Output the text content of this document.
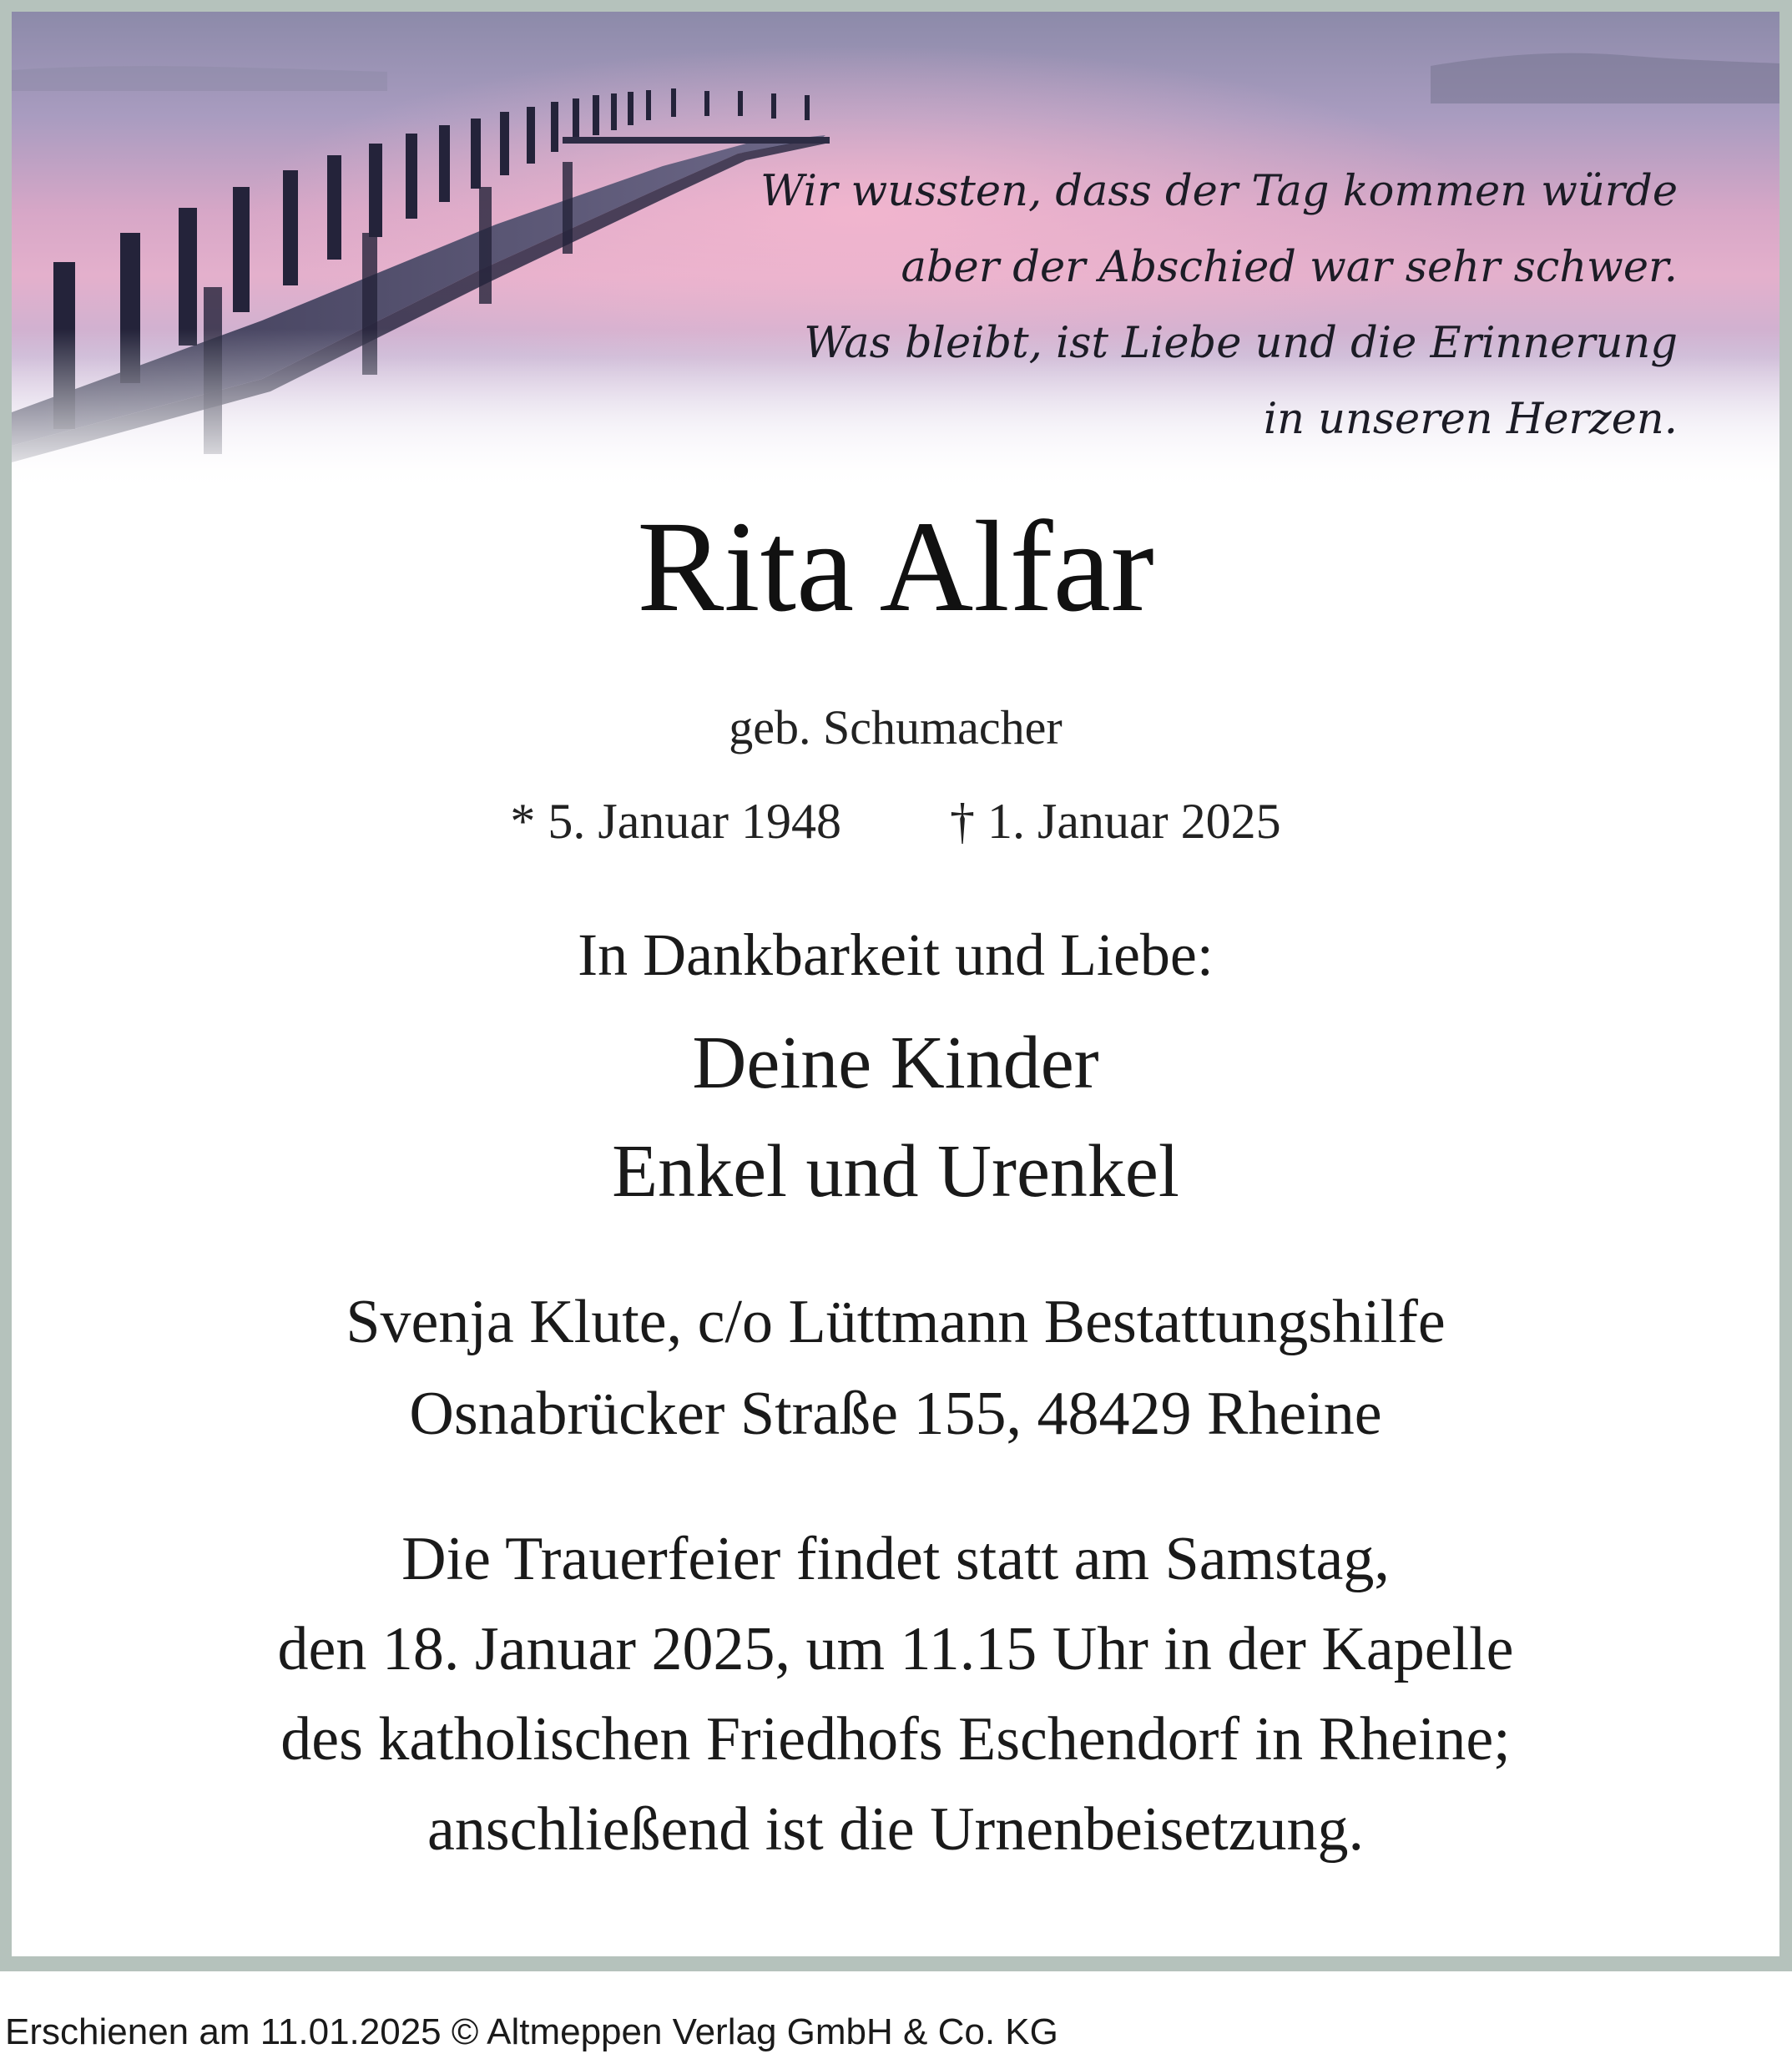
Wir wussten, dass der Tag kommen würde
aber der Abschied war sehr schwer.
Was bleibt, ist Liebe und die Erinnerung
in unseren Herzen.
Rita Alfar
geb. Schumacher
* 5. Januar 1948 † 1. Januar 2025
In Dankbarkeit und Liebe:
Deine Kinder
Enkel und Urenkel
Svenja Klute, c/o Lüttmann Bestattungshilfe
Osnabrücker Straße 155, 48429 Rheine
Die Trauerfeier findet statt am Samstag,
den 18. Januar 2025, um 11.15 Uhr in der Kapelle
des katholischen Friedhofs Eschendorf in Rheine;
anschließend ist die Urnenbeisetzung.
Erschienen am 11.01.2025 © Altmeppen Verlag GmbH & Co. KG
